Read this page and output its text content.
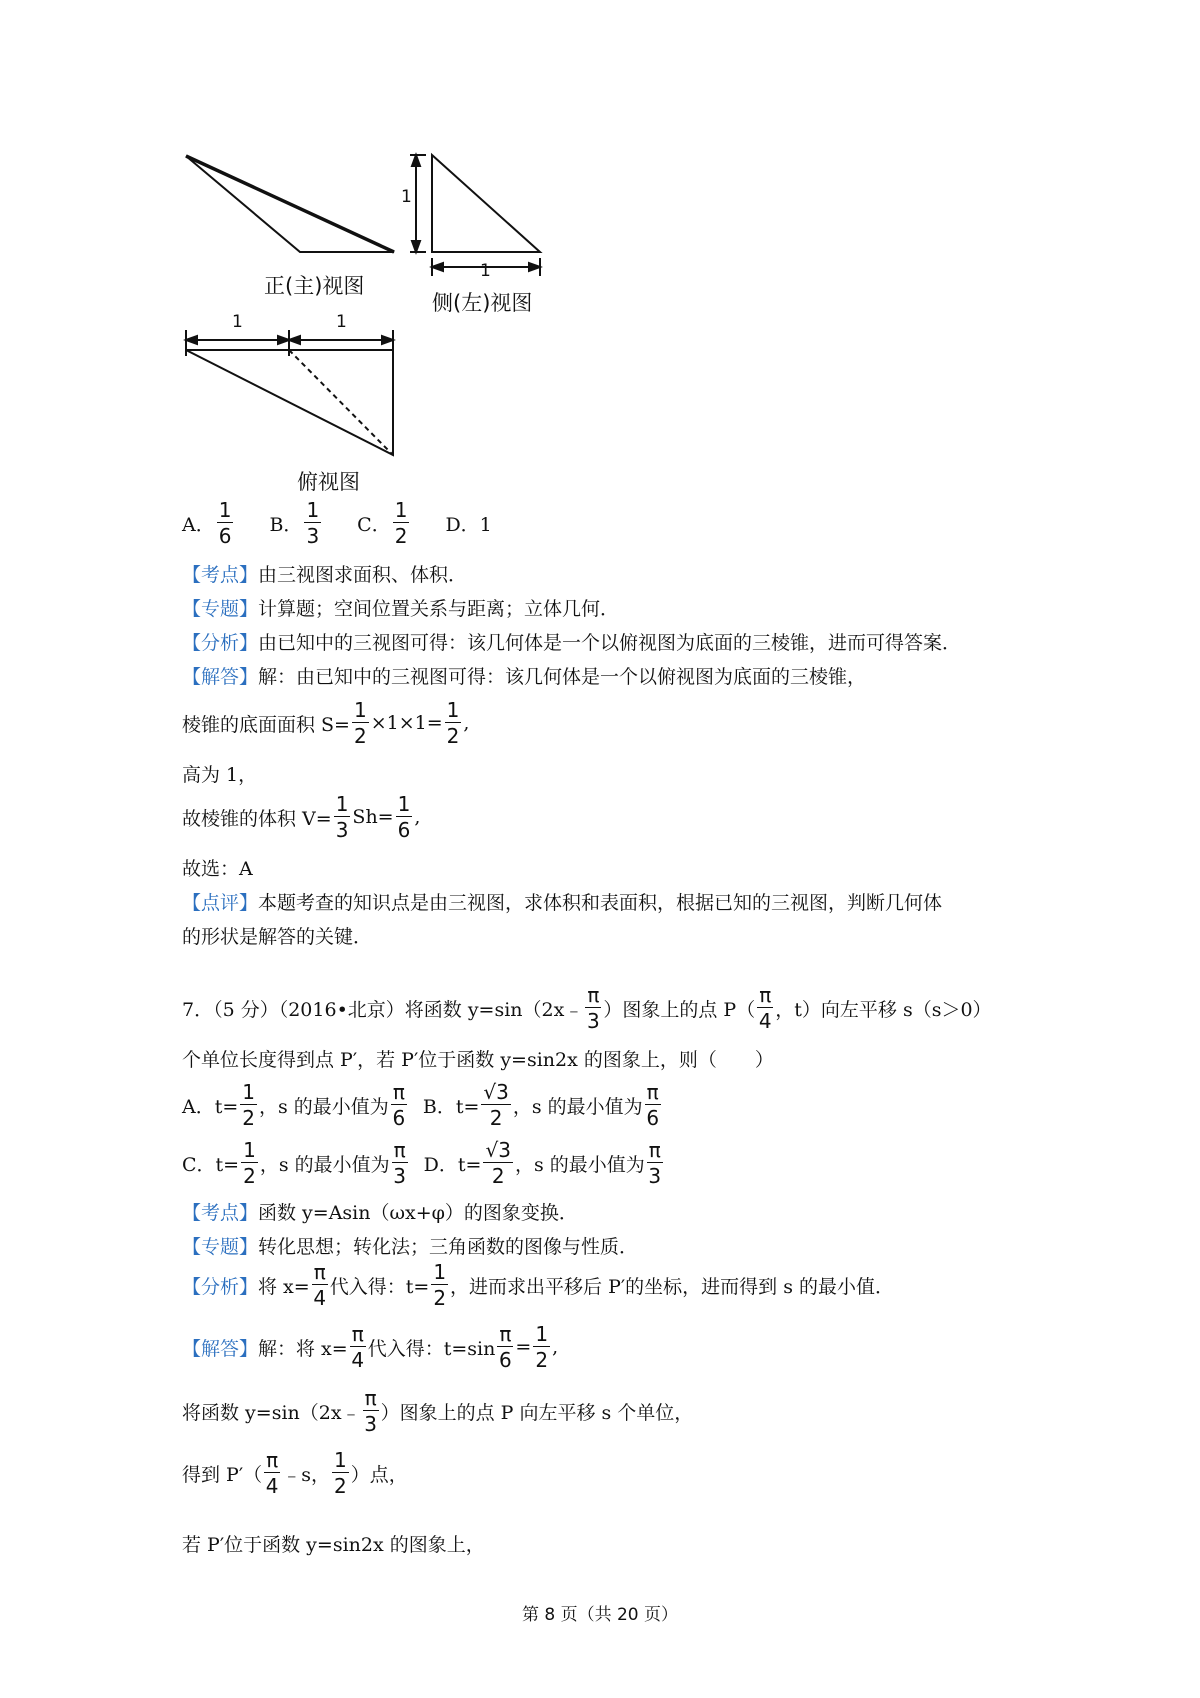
1
1
1	1
正(主)视图
侧(左)视图
俯视图
A． $\frac{1}{6}$ B． $\frac{1}{3}$ C． $\frac{1}{2}$ D．1
【考点】 由三视图求面积、体积．
【专题】 计算题；空间位置关系与距离；立体几何．
【分析】 由已知中的三视图可得：该几何体是一个以俯视图为底面的三棱锥，进而可得答案．
【解答】 解：由已知中的三视图可得：该几何体是一个以俯视图为底面的三棱锥，
棱锥的底面面积 $S= \frac{1}{2} \times 1\times 1= \frac{1}{2}$ ,
高为 1，
故棱锥的体积 $V= \frac{1}{3} Sh= \frac{1}{6}$ ,
故选：A
【点评】 本题考查的知识点是由三视图，求体积和表面积，根据已知的三视图，判断几何体
的形状是解答的关键．
7．（5 分）（2016•北京）将函数 y=sin（2x﹣ $\frac{\pi}{3}$ ）图象上的点 $P( \frac{\pi}{4}$ ，t）向左平移 s（s＞0）
个单位长度得到点 P′，若 P′位于函数 y=sin2x 的图象上，则（　　）
A．$t= \frac{1}{2}$ ，s 的最小值为 $\frac{\pi}{6}$ B．$t= \frac{√3}{2}$ ，s 的最小值为 $\frac{\pi}{6}$
C．$t= \frac{1}{2}$ ，s 的最小值为 $\frac{\pi}{3}$ D．$t= \frac{√3}{2}$ ，s 的最小值为 $\frac{\pi}{3}$
【考点】 函数 y=Asin（ωx+φ）的图象变换．
【专题】 转化思想；转化法；三角函数的图像与性质．
【分析】 将 $x= \frac{\pi}{4}$ 代入得：$t= \frac{1}{2}$ ，进而求出平移后 P′的坐标，进而得到 s 的最小值．
【解答】 解：将 $x= \frac{\pi}{4}$ 代入得：$t=\sin \frac{\pi}{6} = \frac{1}{2}$ ,
将函数 y=sin（2x﹣ $\frac{\pi}{3}$ ）图象上的点 P 向左平移 s 个单位，
得到 $P'( \frac{\pi}{4}$ ﹣s， $\frac{1}{2}$ ）点，
若 P′位于函数 y=sin2x 的图象上，
第 8 页（共 20 页）
